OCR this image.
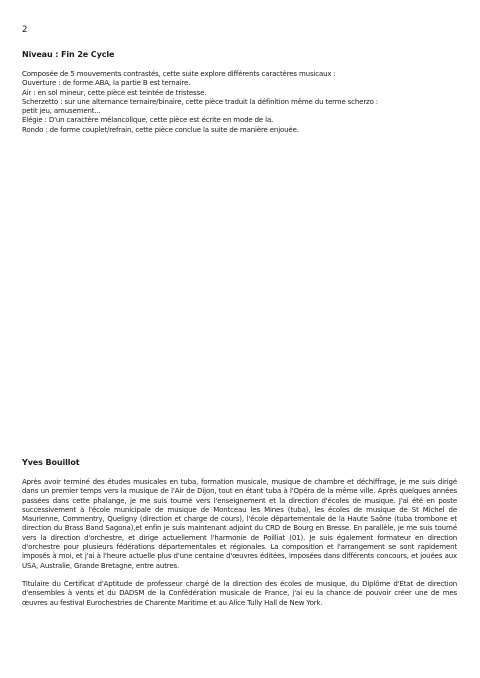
2
Niveau : Fin 2e Cycle
Composée de 5 mouvements contrastés, cette suite explore différents caractères musicaux :
Ouverture : de forme ABA, la partie B est ternaire.
Air : en sol mineur, cette pièce est teintée de tristesse.
Scherzetto : sur une alternance ternaire/binaire, cette pièce traduit la définition même du terme scherzo :
petit jeu, amusement...
Elégie : D'un caractère mélancolique, cette pièce est écrite en mode de la.
Rondo : de forme couplet/refrain, cette pièce conclue la suite de manière enjouée.
Yves Bouillot

Après avoir terminé des études musicales en tuba, formation musicale, musique de chambre et déchiffrage, je me suis dirigé dans un premier temps vers la musique de l'Air de Dijon, tout en étant tuba à l'Opéra de la même ville. Après quelques années passées dans cette phalange, je me suis tourné vers l'enseignement et la direction d'écoles de musique. J'ai été en poste successivement à l'école municipale de musique de Montceau les Mines (tuba), les écoles de musique de St Michel de Maurienne, Commentry, Queligny (direction et charge de cours), l'école départementale de la Haute Saône (tuba trombone et direction du Brass Band Sagona),et enfin je suis maintenant adjoint du CRD de Bourg en Bresse. En parallèle, je me suis tourné vers la direction d'orchestre, et dirige actuellement l'harmonie de Poilliat (01). Je suis également formateur en direction d'orchestre pour plusieurs fédérations départementales et régionales. La composition et l'arrangement se sont rapidement imposés à moi, et j'ai à l'heure actuelle plus d'une centaine d'œuvres éditées, imposées dans différents concours, et jouées aux USA, Australie, Grande Bretagne, entre autres.

Titulaire du Certificat d'Aptitude de professeur chargé de la direction des écoles de musique, du Diplôme d'Etat de direction d'ensembles à vents et du DADSM de la Confédération musicale de France, j'ai eu la chance de pouvoir créer une de mes œuvres au festival Eurochestries de Charente Maritime et au Alice Tully Hall de New York.
